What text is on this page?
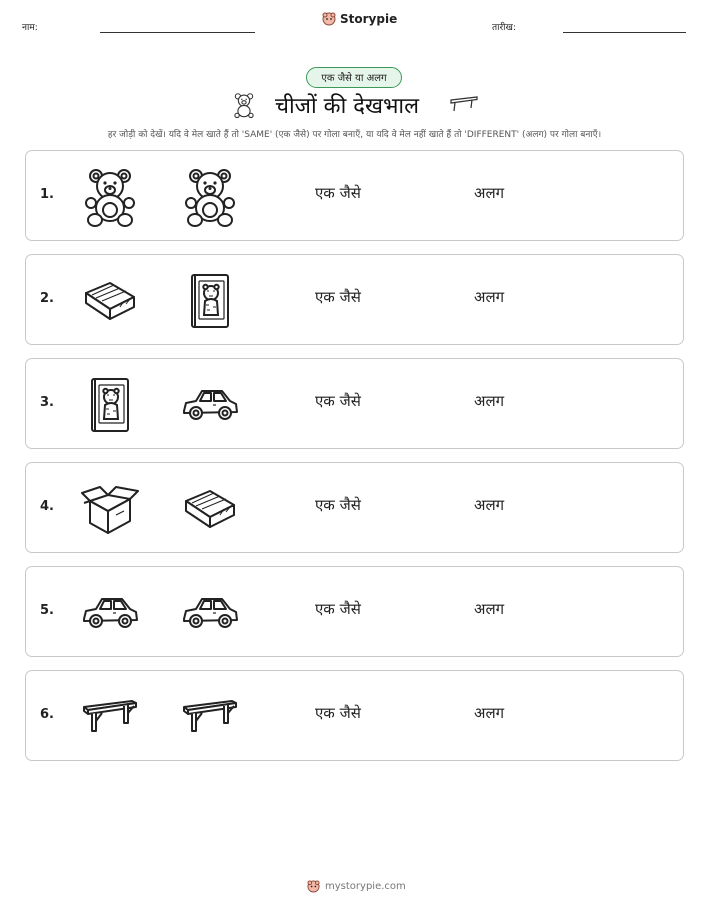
नाम:
Storypie
तारीख:
एक जैसे या अलग
चीजों की देखभाल
हर जोड़ी को देखें। यदि वे मेल खाते हैं तो 'SAME' (एक जैसे) पर गोला बनाएँ, या यदि वे मेल नहीं खाते हैं तो 'DIFFERENT' (अलग) पर गोला बनाएँ।
1.	एक जैसे	अलग
2.	एक जैसे	अलग
3.	एक जैसे	अलग
4.	एक जैसे	अलग
5.	एक जैसे	अलग
6.	एक जैसे	अलग
mystorypie.com
